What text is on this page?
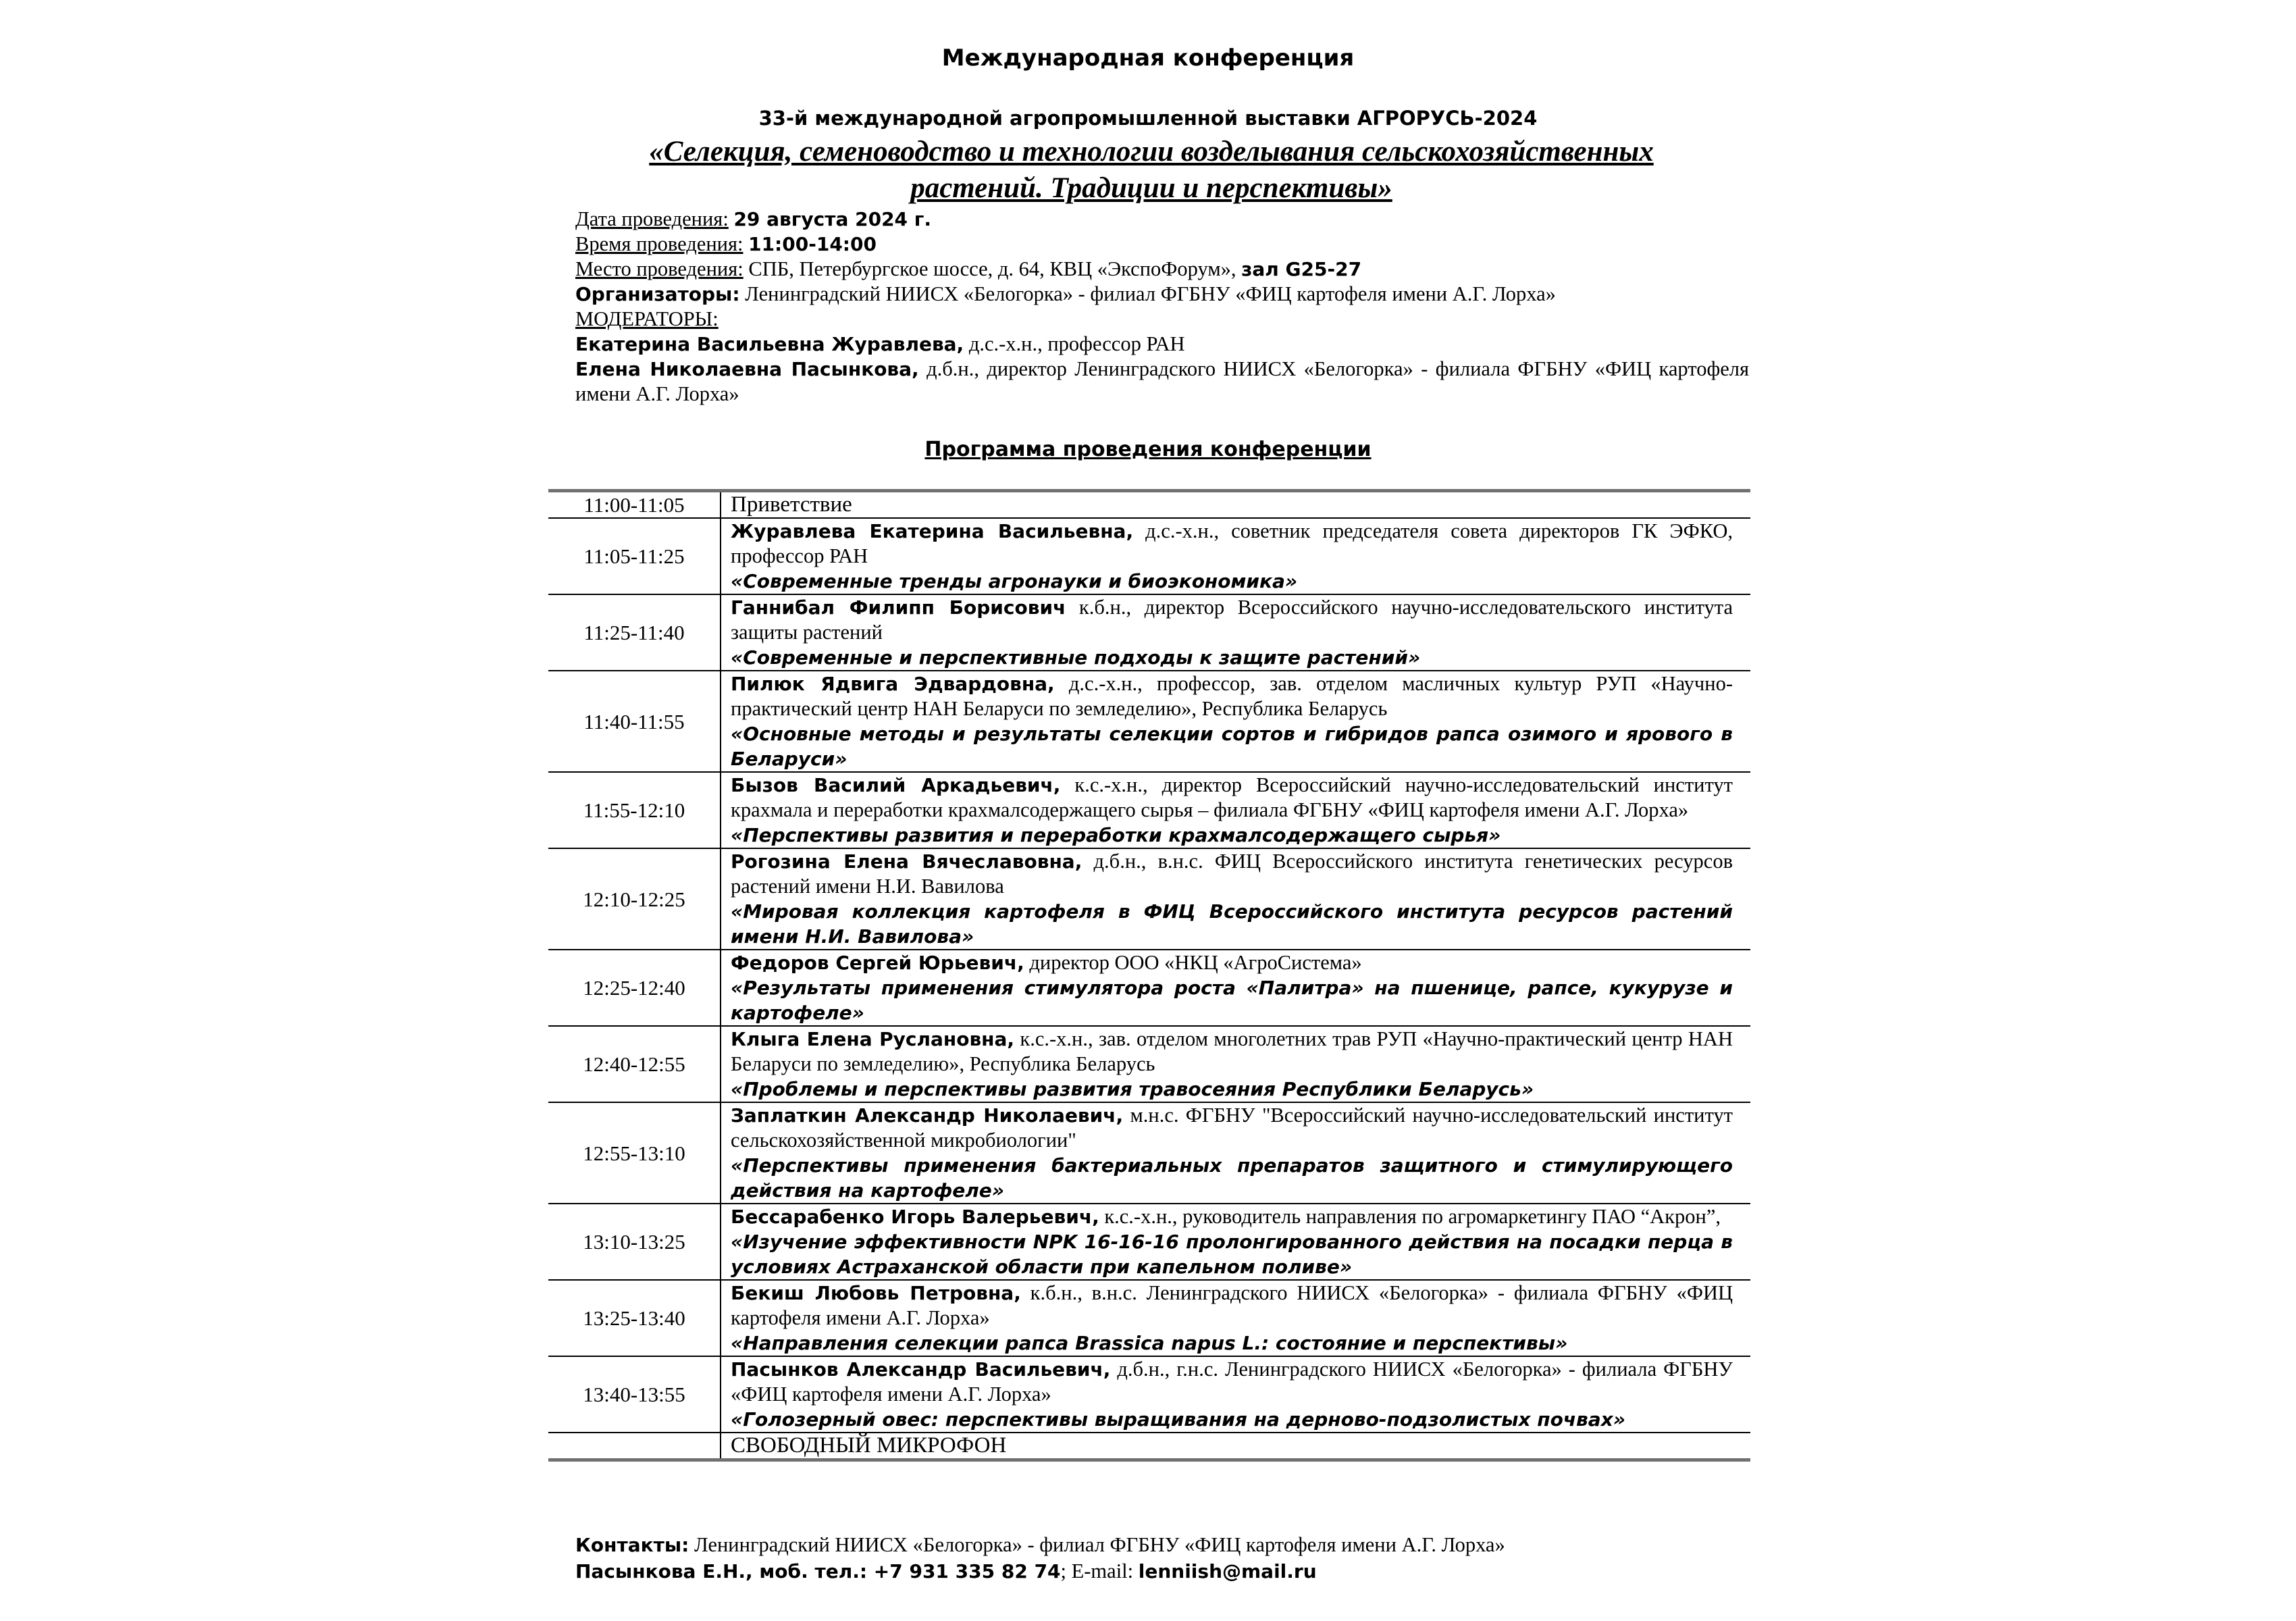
Международная конференция
33-й международной агропромышленной выставки АГРОРУСЬ-2024
«Селекция, семеноводство и технологии возделывания сельскохозяйственных растений. Традиции и перспективы»
Дата проведения: 29 августа 2024 г.
Время проведения: 11:00-14:00
Место проведения: СПБ, Петербургское шоссе, д. 64, КВЦ «ЭкспоФорум», зал G25-27
Организаторы: Ленинградский НИИСХ «Белогорка» - филиал ФГБНУ «ФИЦ картофеля имени А.Г. Лорха»
МОДЕРАТОРЫ:
Екатерина Васильевна Журавлева, д.с.-х.н., профессор РАН
Елена Николаевна Пасынкова, д.б.н., директор Ленинградского НИИСХ «Белогорка» - филиала ФГБНУ «ФИЦ картофеля имени А.Г. Лорха»
Программа проведения конференции
11:00-11:05	Приветствие
11:05-11:25	Журавлева Екатерина Васильевна, д.с.-х.н., советник председателя совета директоров ГК ЭФКО, профессор РАН
«Современные тренды агронауки и биоэкономика»

11:25-11:40	Ганнибал Филипп Борисович к.б.н., директор Всероссийского научно-исследовательского института защиты растений
«Современные и перспективные подходы к защите растений»

11:40-11:55	Пилюк Ядвига Эдвардовна, д.с.-х.н., профессор, зав. отделом масличных культур РУП «Научно-практический центр НАН Беларуси по земледелию», Республика Беларусь
«Основные методы и результаты селекции сортов и гибридов рапса озимого и ярового в Беларуси»

11:55-12:10	Бызов Василий Аркадьевич, к.с.-х.н., директор Всероссийский научно-исследовательский институт крахмала и переработки крахмалсодержащего сырья – филиала ФГБНУ «ФИЦ картофеля имени А.Г. Лорха»
«Перспективы развития и переработки крахмалсодержащего сырья»

12:10-12:25	Рогозина Елена Вячеславовна, д.б.н., в.н.с. ФИЦ Всероссийского института генетических ресурсов растений имени Н.И. Вавилова
«Мировая коллекция картофеля в ФИЦ Всероссийского института ресурсов растений имени Н.И. Вавилова»

12:25-12:40	Федоров Сергей Юрьевич, директор ООО «НКЦ «АгроСистема»
«Результаты применения стимулятора роста «Палитра» на пшенице, рапсе, кукурузе и картофеле»

12:40-12:55	Клыга Елена Руслановна, к.с.-х.н., зав. отделом многолетних трав РУП «Научно-практический центр НАН Беларуси по земледелию», Республика Беларусь
«Проблемы и перспективы развития травосеяния Республики Беларусь»

12:55-13:10	Заплаткин Александр Николаевич, м.н.с. ФГБНУ "Всероссийский научно-исследовательский институт сельскохозяйственной микробиологии"
«Перспективы применения бактериальных препаратов защитного и стимулирующего действия на картофеле»

13:10-13:25	Бессарабенко Игорь Валерьевич, к.с.-х.н., руководитель направления по агромаркетингу ПАО “Акрон”,
«Изучение эффективности NPK 16-16-16 пролонгированного действия на посадки перца в условиях Астраханской области при капельном поливе»

13:25-13:40	Бекиш Любовь Петровна, к.б.н., в.н.с. Ленинградского НИИСХ «Белогорка» - филиала ФГБНУ «ФИЦ картофеля имени А.Г. Лорха»
«Направления селекции рапса Brassica napus L.: состояние и перспективы»

13:40-13:55	Пасынков Александр Васильевич, д.б.н., г.н.с. Ленинградского НИИСХ «Белогорка» - филиала ФГБНУ «ФИЦ картофеля имени А.Г. Лорха»
«Голозерный овес: перспективы выращивания на дерново-подзолистых почвах»

	СВОБОДНЫЙ МИКРОФОН
Контакты: Ленинградский НИИСХ «Белогорка» - филиал ФГБНУ «ФИЦ картофеля имени А.Г. Лорха»
Пасынкова Е.Н., моб. тел.: +7 931 335 82 74; E-mail: lenniish@mail.ru
